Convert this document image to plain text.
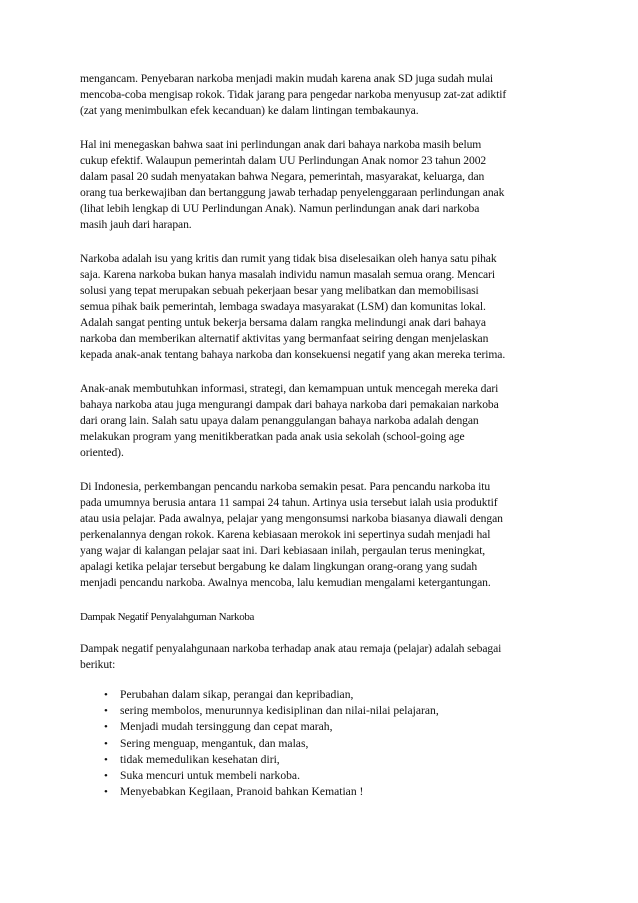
mengancam. Penyebaran narkoba menjadi makin mudah karena anak SD juga sudah mulai
mencoba-coba mengisap rokok. Tidak jarang para pengedar narkoba menyusup zat-zat adiktif
(zat yang menimbulkan efek kecanduan) ke dalam lintingan tembakaunya.

Hal ini menegaskan bahwa saat ini perlindungan anak dari bahaya narkoba masih belum
cukup efektif. Walaupun pemerintah dalam UU Perlindungan Anak nomor 23 tahun 2002
dalam pasal 20 sudah menyatakan bahwa Negara, pemerintah, masyarakat, keluarga, dan
orang tua berkewajiban dan bertanggung jawab terhadap penyelenggaraan perlindungan anak
(lihat lebih lengkap di UU Perlindungan Anak). Namun perlindungan anak dari narkoba
masih jauh dari harapan.

Narkoba adalah isu yang kritis dan rumit yang tidak bisa diselesaikan oleh hanya satu pihak
saja. Karena narkoba bukan hanya masalah individu namun masalah semua orang. Mencari
solusi yang tepat merupakan sebuah pekerjaan besar yang melibatkan dan memobilisasi
semua pihak baik pemerintah, lembaga swadaya masyarakat (LSM) dan komunitas lokal.
Adalah sangat penting untuk bekerja bersama dalam rangka melindungi anak dari bahaya
narkoba dan memberikan alternatif aktivitas yang bermanfaat seiring dengan menjelaskan
kepada anak-anak tentang bahaya narkoba dan konsekuensi negatif yang akan mereka terima.

Anak-anak membutuhkan informasi, strategi, dan kemampuan untuk mencegah mereka dari
bahaya narkoba atau juga mengurangi dampak dari bahaya narkoba dari pemakaian narkoba
dari orang lain. Salah satu upaya dalam penanggulangan bahaya narkoba adalah dengan
melakukan program yang menitikberatkan pada anak usia sekolah (school-going age
oriented).

Di Indonesia, perkembangan pencandu narkoba semakin pesat. Para pencandu narkoba itu
pada umumnya berusia antara 11 sampai 24 tahun. Artinya usia tersebut ialah usia produktif
atau usia pelajar. Pada awalnya, pelajar yang mengonsumsi narkoba biasanya diawali dengan
perkenalannya dengan rokok. Karena kebiasaan merokok ini sepertinya sudah menjadi hal
yang wajar di kalangan pelajar saat ini. Dari kebiasaan inilah, pergaulan terus meningkat,
apalagi ketika pelajar tersebut bergabung ke dalam lingkungan orang-orang yang sudah
menjadi pencandu narkoba. Awalnya mencoba, lalu kemudian mengalami ketergantungan.

Dampak Negatif Penyalahguman Narkoba

Dampak negatif penyalahgunaan narkoba terhadap anak atau remaja (pelajar) adalah sebagai
berikut:

• Perubahan dalam sikap, perangai dan kepribadian,
• sering membolos, menurunnya kedisiplinan dan nilai-nilai pelajaran,
• Menjadi mudah tersinggung dan cepat marah,
• Sering menguap, mengantuk, dan malas,
• tidak memedulikan kesehatan diri,
• Suka mencuri untuk membeli narkoba.
• Menyebabkan Kegilaan, Pranoid bahkan Kematian !
